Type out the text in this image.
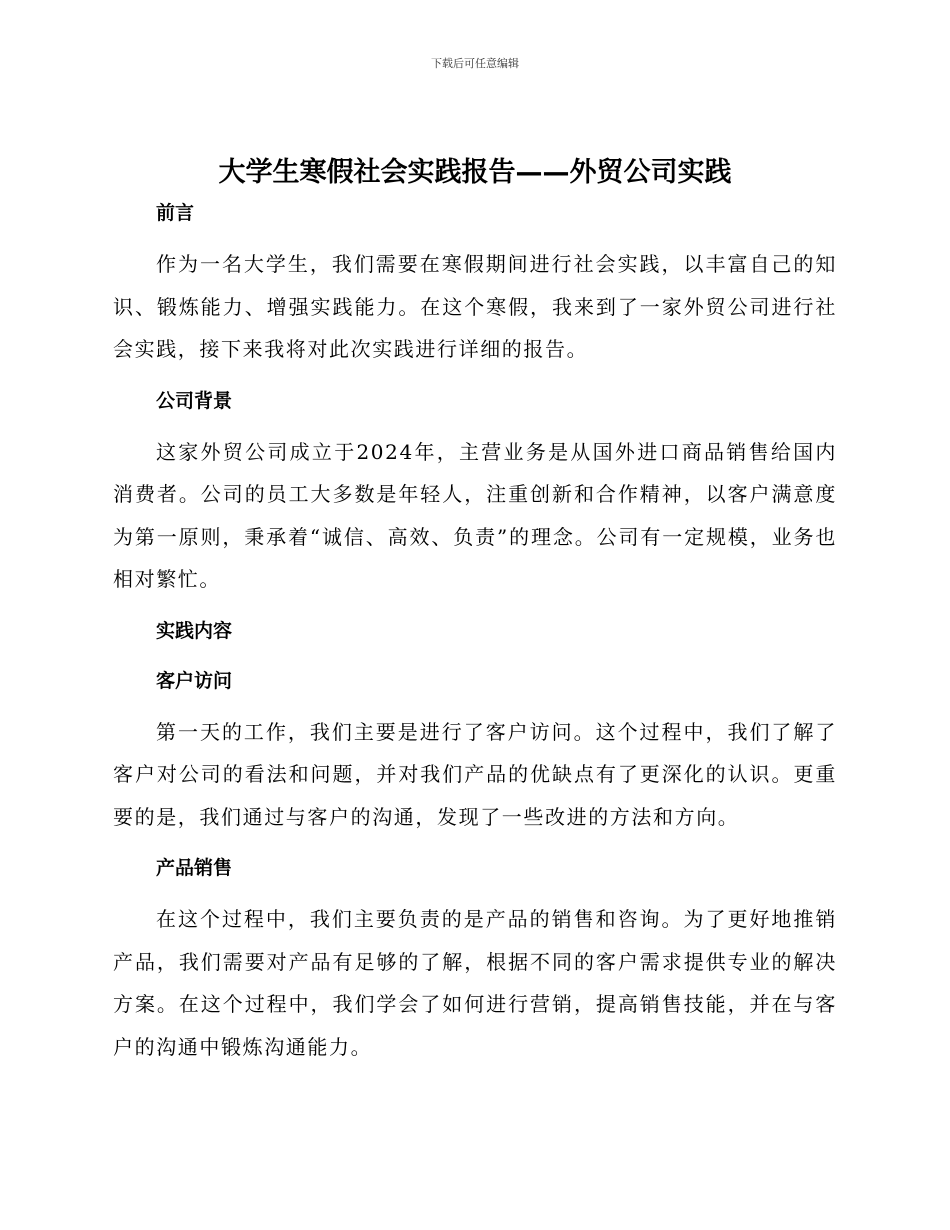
下载后可任意编辑
大学生寒假社会实践报告——外贸公司实践
前言

作为一名大学生，我们需要在寒假期间进行社会实践，以丰富自己的知识、锻炼能力、增强实践能力。在这个寒假，我来到了一家外贸公司进行社会实践，接下来我将对此次实践进行详细的报告。

公司背景

这家外贸公司成立于2024年，主营业务是从国外进口商品销售给国内消费者。公司的员工大多数是年轻人，注重创新和合作精神，以客户满意度为第一原则，秉承着“诚信、高效、负责”的理念。公司有一定规模，业务也相对繁忙。

实践内容
客户访问

第一天的工作，我们主要是进行了客户访问。这个过程中，我们了解了客户对公司的看法和问题，并对我们产品的优缺点有了更深化的认识。更重要的是，我们通过与客户的沟通，发现了一些改进的方法和方向。

产品销售

在这个过程中，我们主要负责的是产品的销售和咨询。为了更好地推销产品，我们需要对产品有足够的了解，根据不同的客户需求提供专业的解决方案。在这个过程中，我们学会了如何进行营销，提高销售技能，并在与客户的沟通中锻炼沟通能力。
